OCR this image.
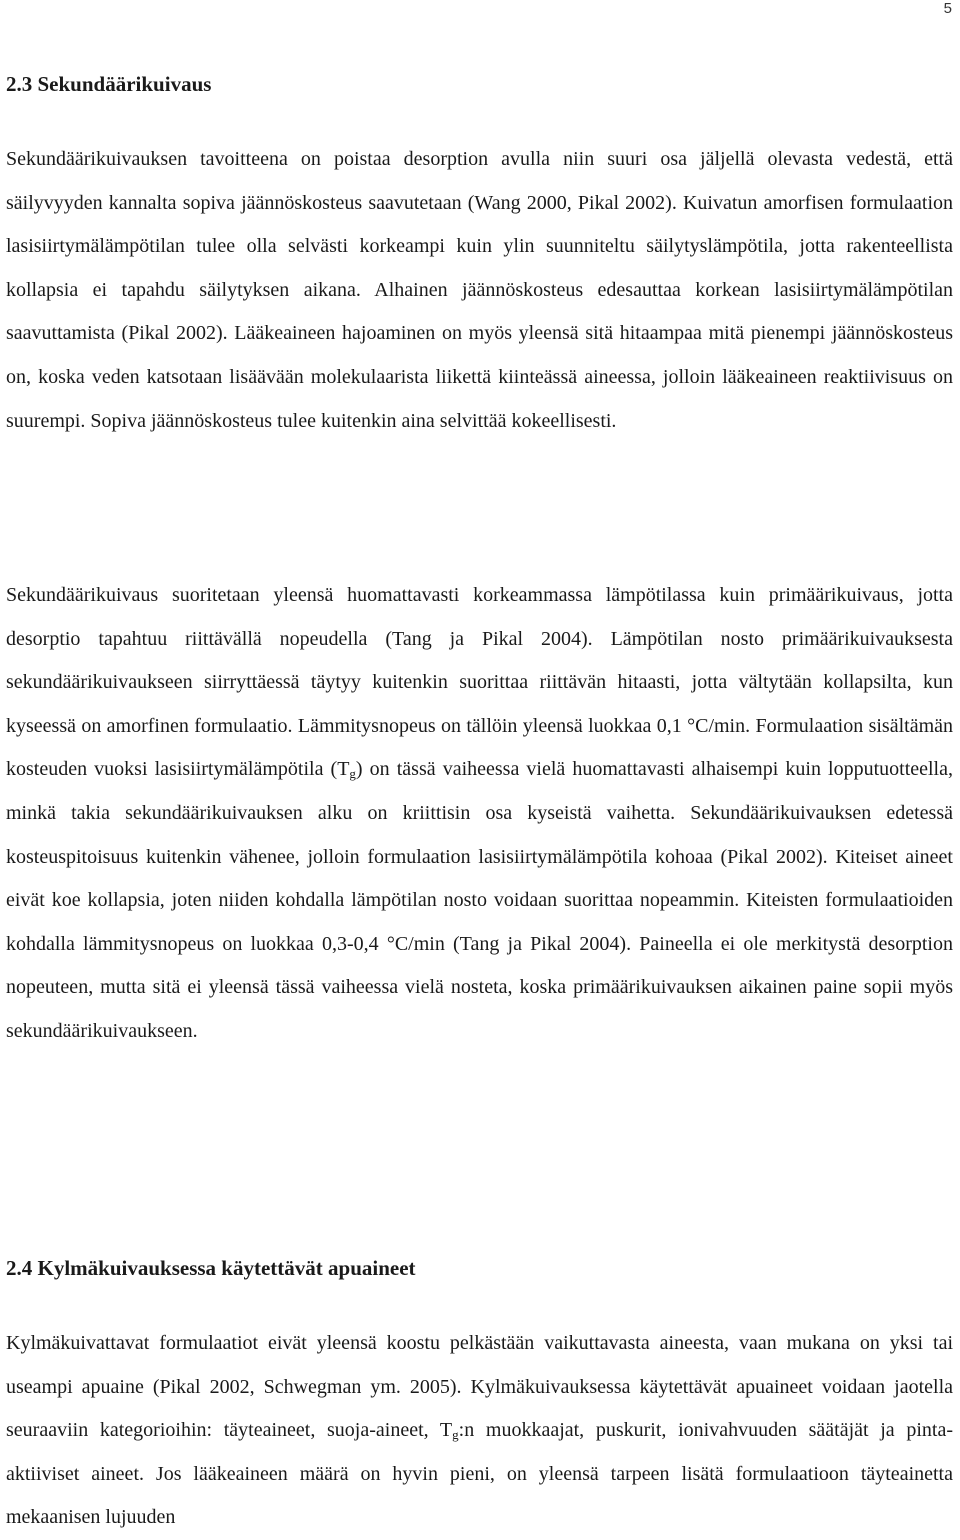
5
2.3 Sekundäärikuivaus

Sekundäärikuivauksen tavoitteena on poistaa desorption avulla niin suuri osa jäljellä olevasta vedestä, että säilyvyyden kannalta sopiva jäännöskosteus saavutetaan (Wang 2000, Pikal 2002). Kuivatun amorfisen formulaation lasisiirtymälämpötilan tulee olla selvästi korkeampi kuin ylin suunniteltu säilytyslämpötila, jotta rakenteellista kollapsia ei tapahdu säilytyksen aikana. Alhainen jäännöskosteus edesauttaa korkean lasisiirtymälämpötilan saavuttamista (Pikal 2002). Lääkeaineen hajoaminen on myös yleensä sitä hitaampaa mitä pienempi jäännöskosteus on, koska veden katsotaan lisäävään molekulaarista liikettä kiinteässä aineessa, jolloin lääkeaineen reaktiivisuus on suurempi. Sopiva jäännöskosteus tulee kuitenkin aina selvittää kokeellisesti.

Sekundäärikuivaus suoritetaan yleensä huomattavasti korkeammassa lämpötilassa kuin primäärikuivaus, jotta desorptio tapahtuu riittävällä nopeudella (Tang ja Pikal 2004). Lämpötilan nosto primäärikuivauksesta sekundäärikuivaukseen siirryttäessä täytyy kuitenkin suorittaa riittävän hitaasti, jotta vältytään kollapsilta, kun kyseessä on amorfinen formulaatio. Lämmitysnopeus on tällöin yleensä luokkaa 0,1 °C/min. Formulaation sisältämän kosteuden vuoksi lasisiirtymälämpötila $(T_g)$ on tässä vaiheessa vielä huomattavasti alhaisempi kuin lopputuotteella, minkä takia sekundäärikuivauksen alku on kriittisin osa kyseistä vaihetta. Sekundäärikuivauksen edetessä kosteuspitoisuus kuitenkin vähenee, jolloin formulaation lasisiirtymälämpötila kohoaa (Pikal 2002). Kiteiset aineet eivät koe kollapsia, joten niiden kohdalla lämpötilan nosto voidaan suorittaa nopeammin. Kiteisten formulaatioiden kohdalla lämmitysnopeus on luokkaa 0,3-0,4 °C/min (Tang ja Pikal 2004). Paineella ei ole merkitystä desorption nopeuteen, mutta sitä ei yleensä tässä vaiheessa vielä nosteta, koska primäärikuivauksen aikainen paine sopii myös sekundäärikuivaukseen.

2.4 Kylmäkuivauksessa käytettävät apuaineet

Kylmäkuivattavat formulaatiot eivät yleensä koostu pelkästään vaikuttavasta aineesta, vaan mukana on yksi tai useampi apuaine (Pikal 2002, Schwegman ym. 2005). Kylmäkuivauksessa käytettävät apuaineet voidaan jaotella seuraaviin kategorioihin: täyteaineet, suoja-aineet, $T_g:n$ muokkaajat, puskurit, ionivahvuuden säätäjät ja pinta-aktiiviset aineet. Jos lääkeaineen määrä on hyvin pieni, on yleensä tarpeen lisätä formulaatioon täyteainetta mekaanisen lujuuden
